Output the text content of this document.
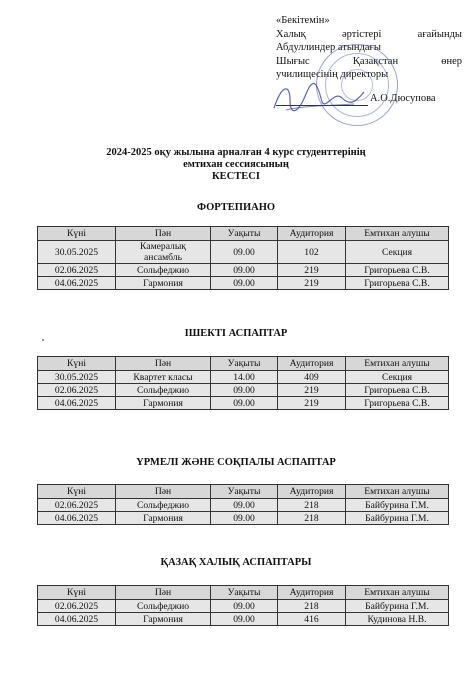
«Бекітемін»
Халық	әртістері	ағайынды
Абдуллиндер атындағы
Шығыс	Қазақстан	өнер
училищесінің директоры
А.О.Дюсупова
2024-2025 оқу жылына арналған 4 курс студенттерінің
емтихан сессиясының
КЕСТЕСІ
ФОРТЕПИАНО
Күні	Пән	Уақыты	Аудитория	Емтихан алушы
30.05.2025	Камералық ансамбль	09.00	102	Секция
02.06.2025	Сольфеджио	09.00	219	Григорьева С.В.
04.06.2025	Гармония	09.00	219	Григорьева С.В.
ІШЕКТІ АСПАПТАР
Күні	Пән	Уақыты	Аудитория	Емтихан алушы
30.05.2025	Квартет класы	14.00	409	Секция
02.06.2025	Сольфеджио	09.00	219	Григорьева С.В.
04.06.2025	Гармония	09.00	219	Григорьева С.В.
ҮРМЕЛІ ЖӘНЕ СОҚПАЛЫ АСПАПТАР
Күні	Пән	Уақыты	Аудитория	Емтихан алушы
02.06.2025	Сольфеджио	09.00	218	Байбурина Г.М.
04.06.2025	Гармония	09.00	218	Байбурина Г.М.
ҚАЗАҚ ХАЛЫҚ АСПАПТАРЫ
Күні	Пән	Уақыты	Аудитория	Емтихан алушы
02.06.2025	Сольфеджио	09.00	218	Байбурина Г.М.
04.06.2025	Гармония	09.00	416	Кудинова Н.В.
